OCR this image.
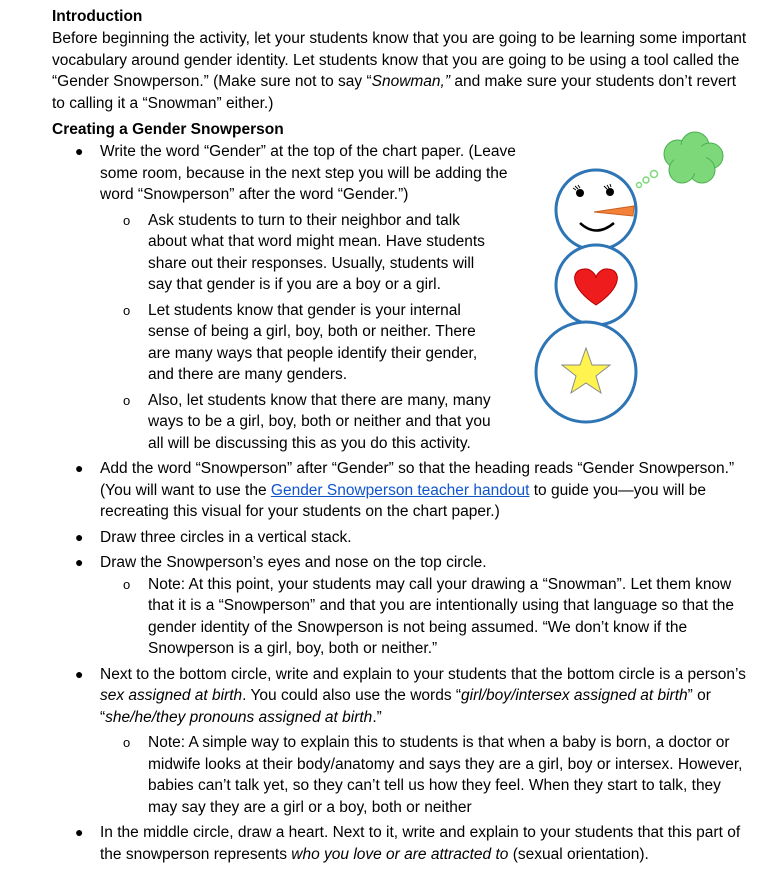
Introduction

Before beginning the activity, let your students know that you are going to be learning some important vocabulary around gender identity. Let students know that you are going to be using a tool called the “Gender Snowperson.” (Make sure not to say “Snowman,” and make sure your students don’t revert to calling it a “Snowman” either.)

Creating a Gender Snowperson
● Write the word “Gender” at the top of the chart paper. (Leave some room, because in the next step you will be adding the word “Snowperson” after the word “Gender.”)
o Ask students to turn to their neighbor and talk about what that word might mean. Have students share out their responses. Usually, students will say that gender is if you are a boy or a girl.
o Let students know that gender is your internal sense of being a girl, boy, both or neither. There are many ways that people identify their gender, and there are many genders.
o Also, let students know that there are many, many ways to be a girl, boy, both or neither and that you all will be discussing this as you do this activity.
● Add the word “Snowperson” after “Gender” so that the heading reads “Gender Snowperson.” (You will want to use the Gender Snowperson teacher handout to guide you—you will be recreating this visual for your students on the chart paper.)
● Draw three circles in a vertical stack.
● Draw the Snowperson’s eyes and nose on the top circle.
o Note: At this point, your students may call your drawing a “Snowman”. Let them know that it is a “Snowperson” and that you are intentionally using that language so that the gender identity of the Snowperson is not being assumed. “We don’t know if the Snowperson is a girl, boy, both or neither.”
● Next to the bottom circle, write and explain to your students that the bottom circle is a person’s sex assigned at birth. You could also use the words “girl/boy/intersex assigned at birth” or “she/he/they pronouns assigned at birth.”
o Note: A simple way to explain this to students is that when a baby is born, a doctor or midwife looks at their body/anatomy and says they are a girl, boy or intersex. However, babies can’t talk yet, so they can’t tell us how they feel. When they start to talk, they may say they are a girl or a boy, both or neither
● In the middle circle, draw a heart. Next to it, write and explain to your students that this part of the snowperson represents who you love or are attracted to (sexual orientation).
